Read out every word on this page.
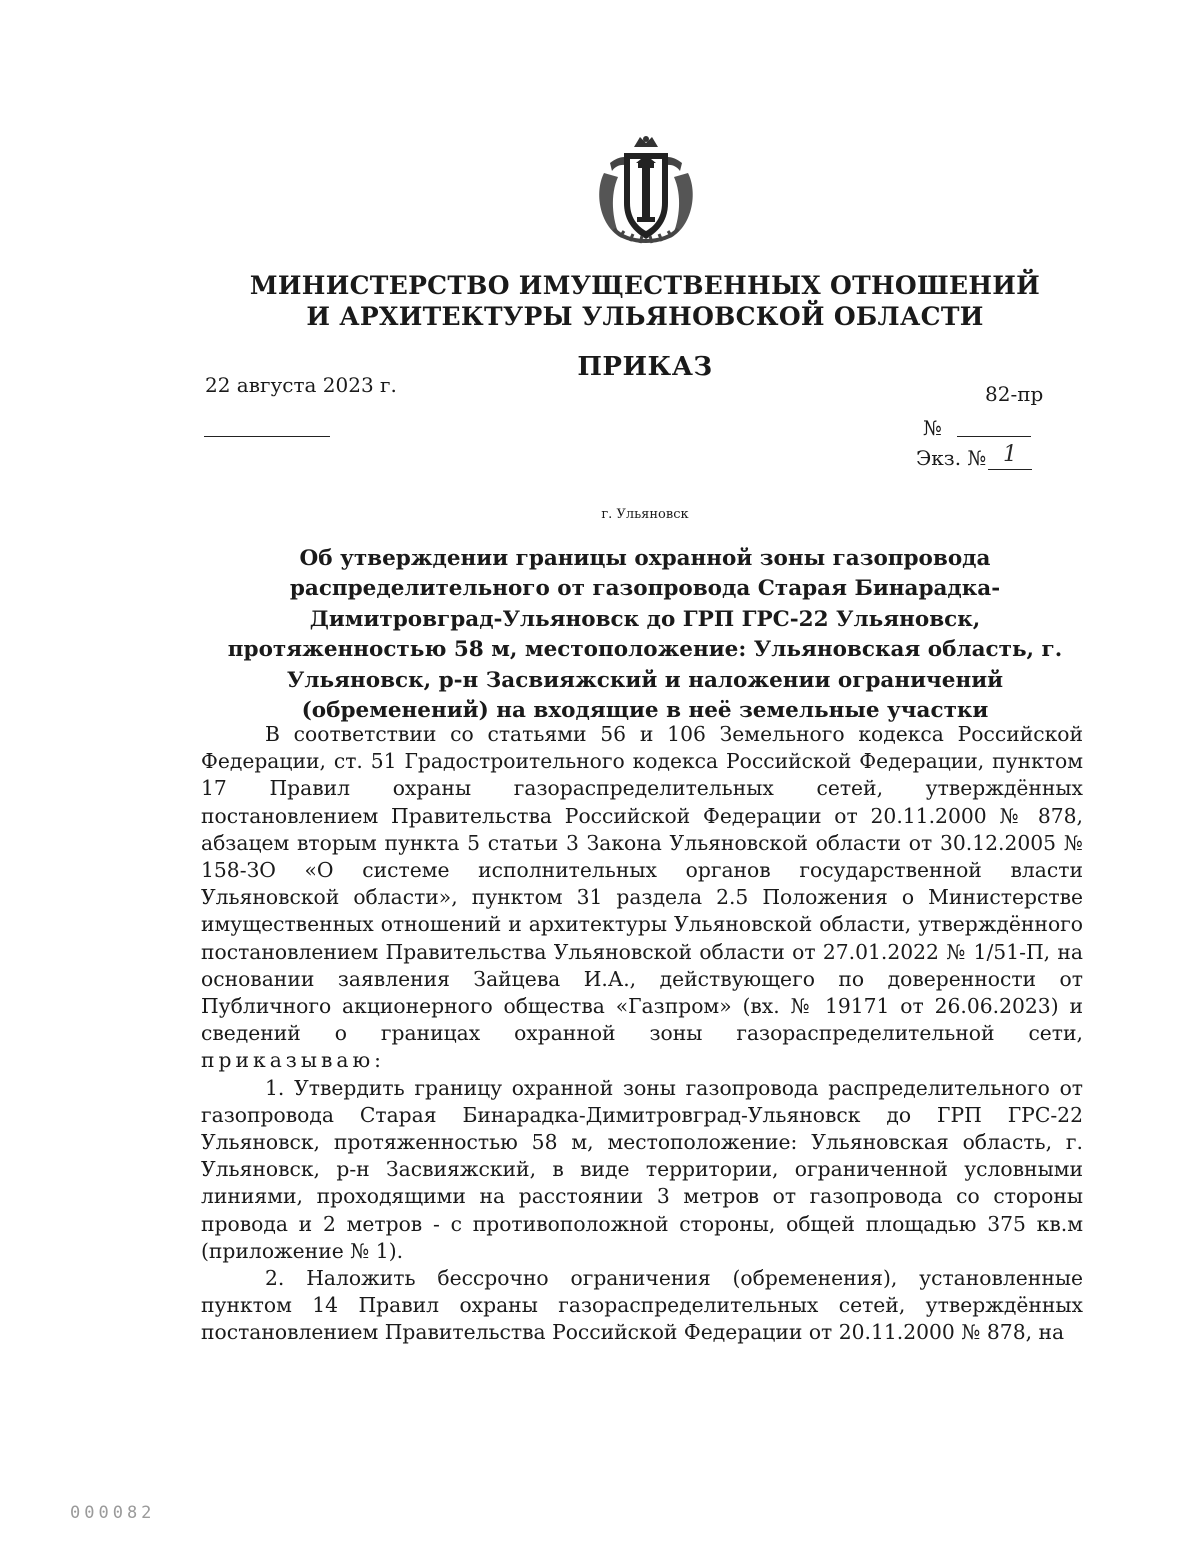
МИНИСТЕРСТВО ИМУЩЕСТВЕННЫХ ОТНОШЕНИЙ
И АРХИТЕКТУРЫ УЛЬЯНОВСКОЙ ОБЛАСТИ
ПРИКАЗ
22 августа 2023 г.	82-пр
№
Экз. № 1
г. Ульяновск
Об утверждении границы охранной зоны газопровода распределительного от газопровода Старая Бинарадка-Димитровград-Ульяновск до ГРП ГРС-22 Ульяновск, протяженностью 58 м, местоположение: Ульяновская область, г. Ульяновск, р-н Засвияжский и наложении ограничений (обременений) на входящие в неё земельные участки

В соответствии со статьями 56 и 106 Земельного кодекса Российской Федерации, ст. 51 Градостроительного кодекса Российской Федерации, пунктом 17 Правил охраны газораспределительных сетей, утверждённых постановлением Правительства Российской Федерации от 20.11.2000 № 878, абзацем вторым пункта 5 статьи 3 Закона Ульяновской области от 30.12.2005 № 158-ЗО «О системе исполнительных органов государственной власти Ульяновской области», пунктом 31 раздела 2.5 Положения о Министерстве имущественных отношений и архитектуры Ульяновской области, утверждённого постановлением Правительства Ульяновской области от 27.01.2022 № 1/51-П, на основании заявления Зайцева И.А., действующего по доверенности от Публичного акционерного общества «Газпром» (вх. № 19171 от 26.06.2023) и сведений о границах охранной зоны газораспределительной сети, приказываю:

1. Утвердить границу охранной зоны газопровода распределительного от газопровода Старая Бинарадка-Димитровград-Ульяновск до ГРП ГРС-22 Ульяновск, протяженностью 58 м, местоположение: Ульяновская область, г. Ульяновск, р-н Засвияжский, в виде территории, ограниченной условными линиями, проходящими на расстоянии 3 метров от газопровода со стороны провода и 2 метров - с противоположной стороны, общей площадью 375 кв.м (приложение № 1).

2. Наложить бессрочно ограничения (обременения), установленные пунктом 14 Правил охраны газораспределительных сетей, утверждённых постановлением Правительства Российской Федерации от 20.11.2000 № 878, на

000082
